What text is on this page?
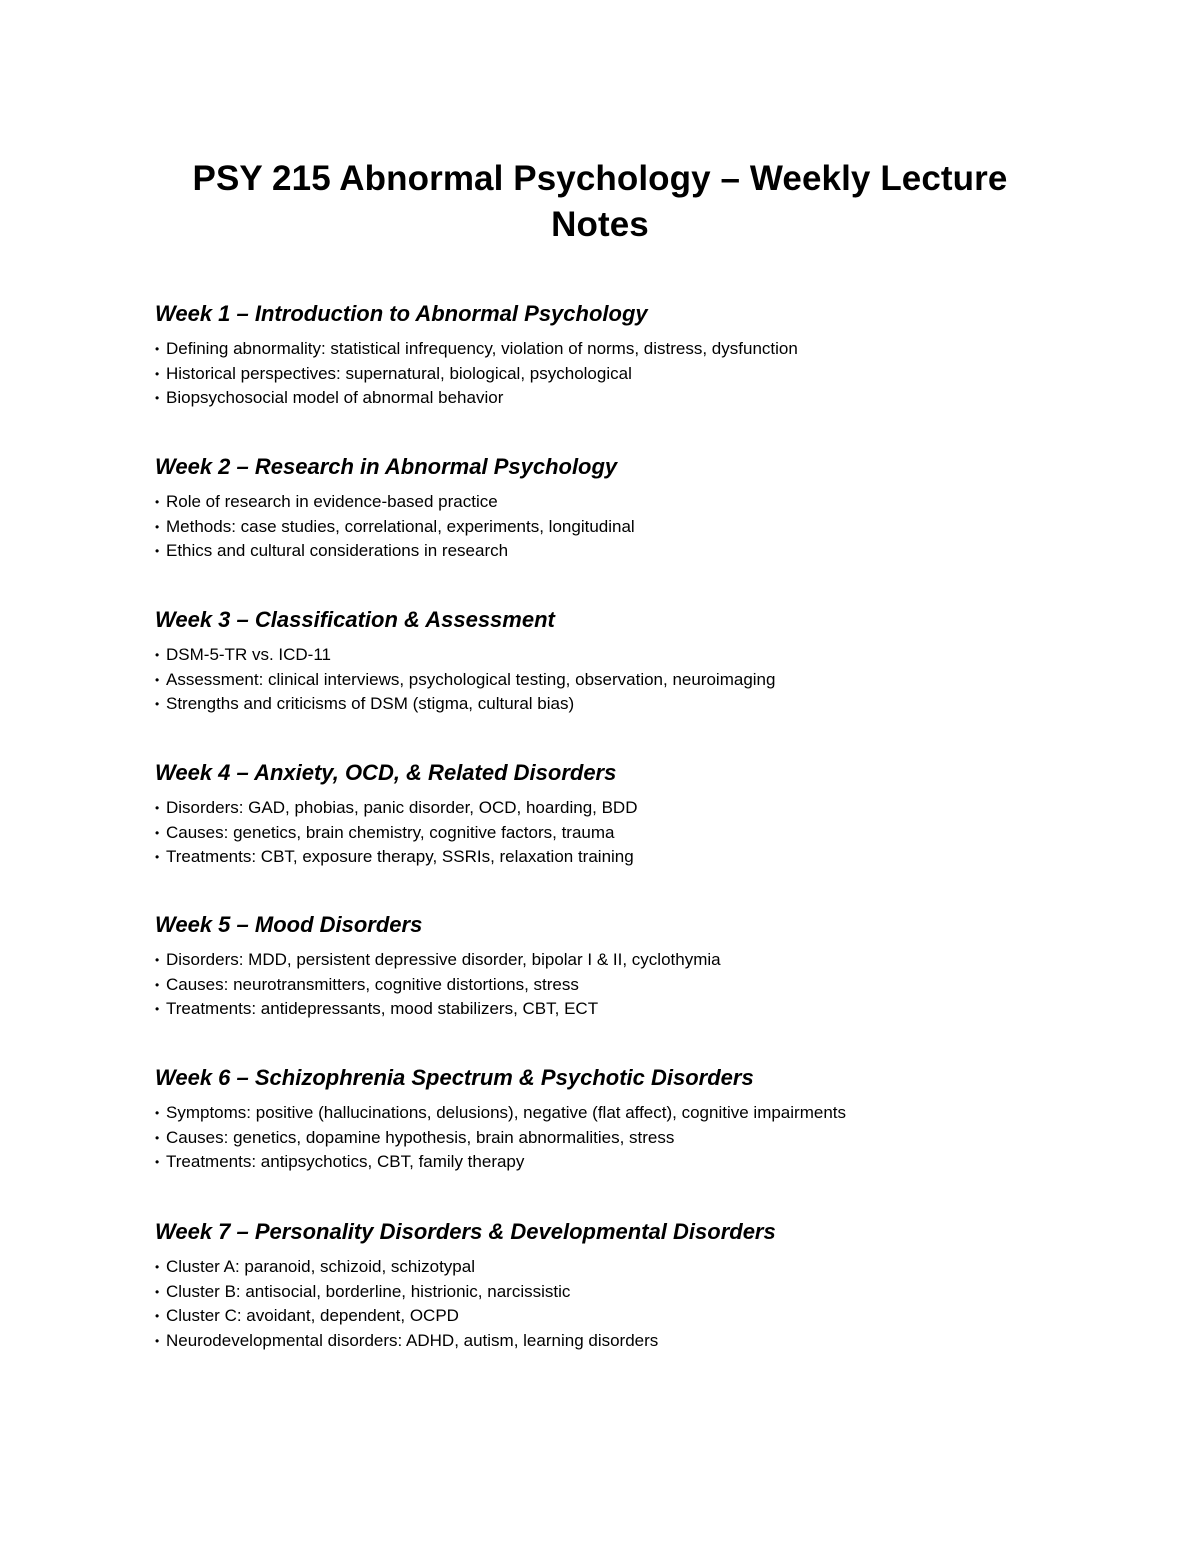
PSY 215 Abnormal Psychology – Weekly Lecture Notes
Week 1 – Introduction to Abnormal Psychology
• Defining abnormality: statistical infrequency, violation of norms, distress, dysfunction
• Historical perspectives: supernatural, biological, psychological
• Biopsychosocial model of abnormal behavior
Week 2 – Research in Abnormal Psychology
• Role of research in evidence-based practice
• Methods: case studies, correlational, experiments, longitudinal
• Ethics and cultural considerations in research
Week 3 – Classification & Assessment
• DSM-5-TR vs. ICD-11
• Assessment: clinical interviews, psychological testing, observation, neuroimaging
• Strengths and criticisms of DSM (stigma, cultural bias)
Week 4 – Anxiety, OCD, & Related Disorders
• Disorders: GAD, phobias, panic disorder, OCD, hoarding, BDD
• Causes: genetics, brain chemistry, cognitive factors, trauma
• Treatments: CBT, exposure therapy, SSRIs, relaxation training
Week 5 – Mood Disorders
• Disorders: MDD, persistent depressive disorder, bipolar I & II, cyclothymia
• Causes: neurotransmitters, cognitive distortions, stress
• Treatments: antidepressants, mood stabilizers, CBT, ECT
Week 6 – Schizophrenia Spectrum & Psychotic Disorders
• Symptoms: positive (hallucinations, delusions), negative (flat affect), cognitive impairments
• Causes: genetics, dopamine hypothesis, brain abnormalities, stress
• Treatments: antipsychotics, CBT, family therapy
Week 7 – Personality Disorders & Developmental Disorders
• Cluster A: paranoid, schizoid, schizotypal
• Cluster B: antisocial, borderline, histrionic, narcissistic
• Cluster C: avoidant, dependent, OCPD
• Neurodevelopmental disorders: ADHD, autism, learning disorders
